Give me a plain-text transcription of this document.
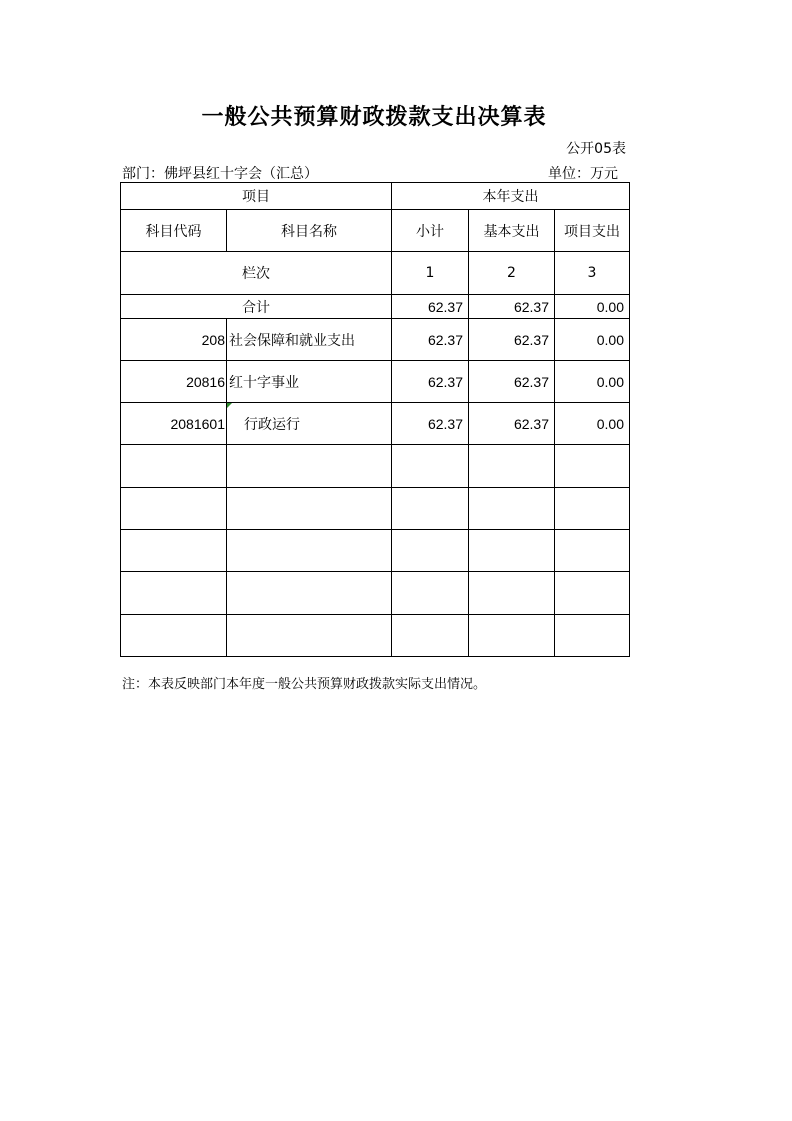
一般公共预算财政拨款支出决算表
公开05表
部门：佛坪县红十字会（汇总）	单位：万元
项目		本年支出		
科目代码	科目名称	小计	基本支出	项目支出
栏次		1	2	3
合计		62.37	62.37	0.00
208	社会保障和就业支出	62.37	62.37	0.00
20816	红十字事业	62.37	62.37	0.00
2081601	行政运行	62.37	62.37	0.00

注：本表反映部门本年度一般公共预算财政拨款实际支出情况。
